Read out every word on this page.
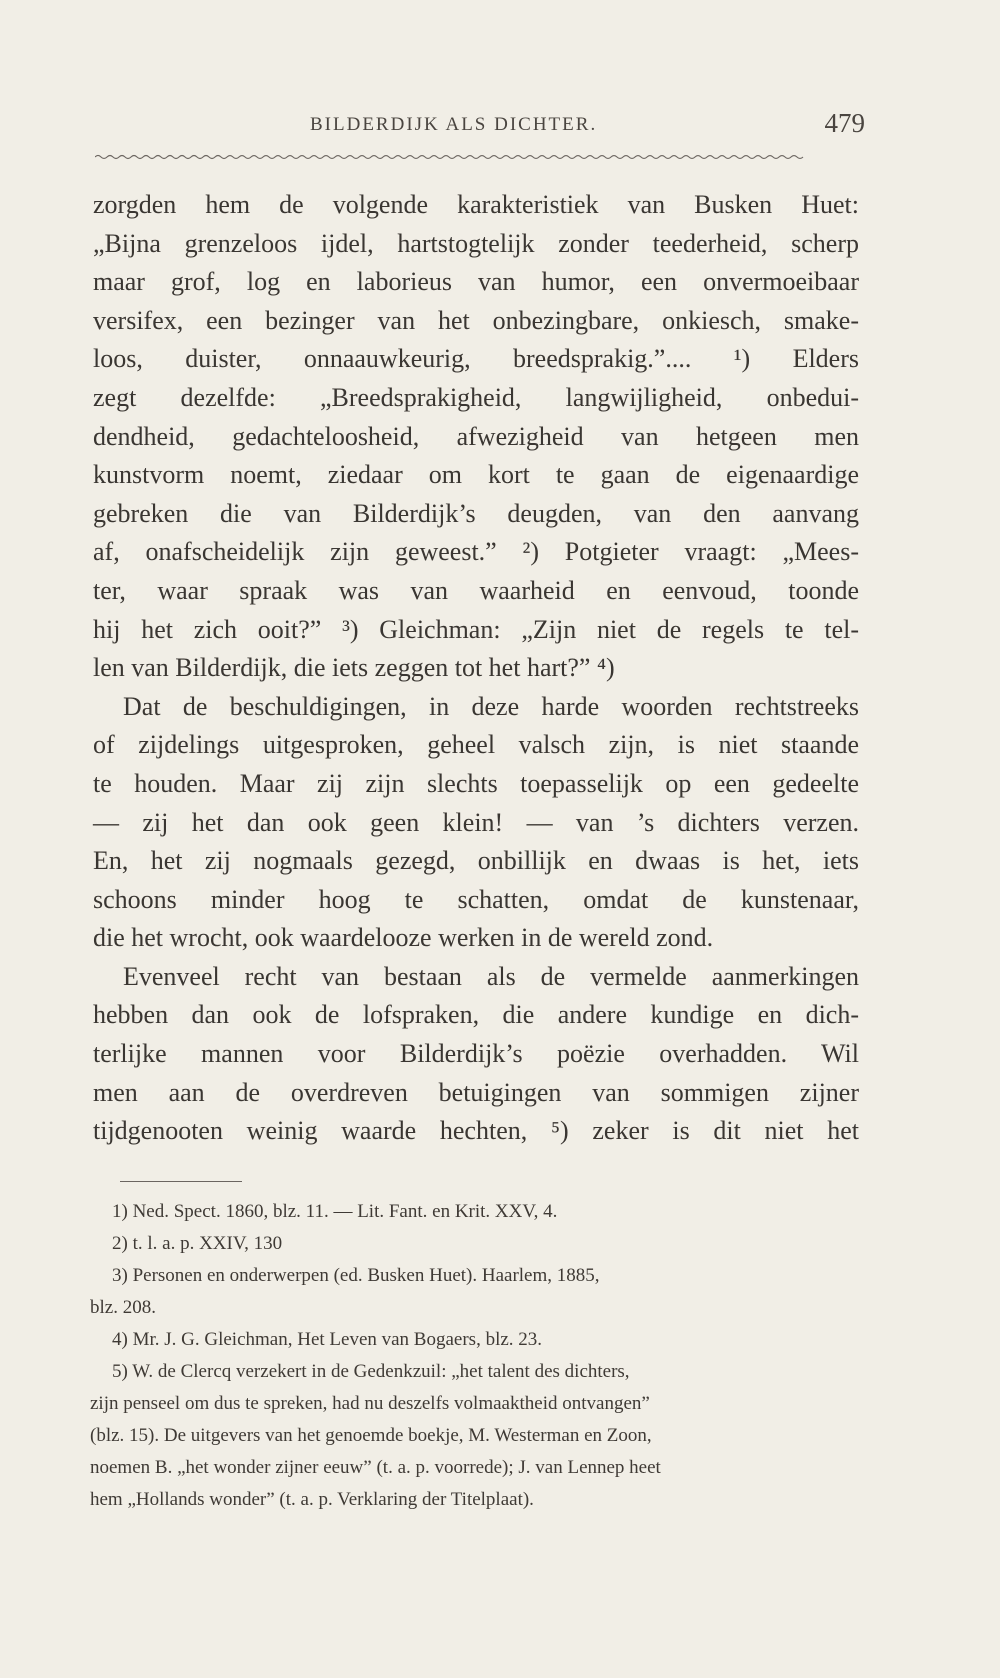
BILDERDIJK ALS DICHTER.	479
zorgden hem de volgende karakteristiek van Busken Huet:
„Bijna grenzeloos ijdel, hartstogtelijk zonder teederheid, scherp
maar grof, log en laborieus van humor, een onvermoeibaar
versifex, een bezinger van het onbezingbare, onkiesch, smake-
loos, duister, onnaauwkeurig, breedsprakig.”.... ¹) Elders
zegt dezelfde: „Breedsprakigheid, langwijligheid, onbedui-
dendheid, gedachteloosheid, afwezigheid van hetgeen men
kunstvorm noemt, ziedaar om kort te gaan de eigenaardige
gebreken die van Bilderdijk’s deugden, van den aanvang
af, onafscheidelijk zijn geweest.” ²) Potgieter vraagt: „Mees-
ter, waar spraak was van waarheid en eenvoud, toonde
hij het zich ooit?” ³) Gleichman: „Zijn niet de regels te tel-
len van Bilderdijk, die iets zeggen tot het hart?” ⁴)
Dat de beschuldigingen, in deze harde woorden rechtstreeks
of zijdelings uitgesproken, geheel valsch zijn, is niet staande
te houden. Maar zij zijn slechts toepasselijk op een gedeelte
— zij het dan ook geen klein! — van ’s dichters verzen.
En, het zij nogmaals gezegd, onbillijk en dwaas is het, iets
schoons minder hoog te schatten, omdat de kunstenaar,
die het wrocht, ook waardelooze werken in de wereld zond.
Evenveel recht van bestaan als de vermelde aanmerkingen
hebben dan ook de lofspraken, die andere kundige en dich-
terlijke mannen voor Bilderdijk’s poëzie overhadden. Wil
men aan de overdreven betuigingen van sommigen zijner
tijdgenooten weinig waarde hechten, ⁵) zeker is dit niet het
1) Ned. Spect. 1860, blz. 11. — Lit. Fant. en Krit. XXV, 4.
2) t. l. a. p. XXIV, 130
3) Personen en onderwerpen (ed. Busken Huet). Haarlem, 1885,
blz. 208.
4) Mr. J. G. Gleichman, Het Leven van Bogaers, blz. 23.
5) W. de Clercq verzekert in de Gedenkzuil: „het talent des dichters,
zijn penseel om dus te spreken, had nu deszelfs volmaaktheid ontvangen”
(blz. 15). De uitgevers van het genoemde boekje, M. Westerman en Zoon,
noemen B. „het wonder zijner eeuw” (t. a. p. voorrede); J. van Lennep heet
hem „Hollands wonder” (t. a. p. Verklaring der Titelplaat).
